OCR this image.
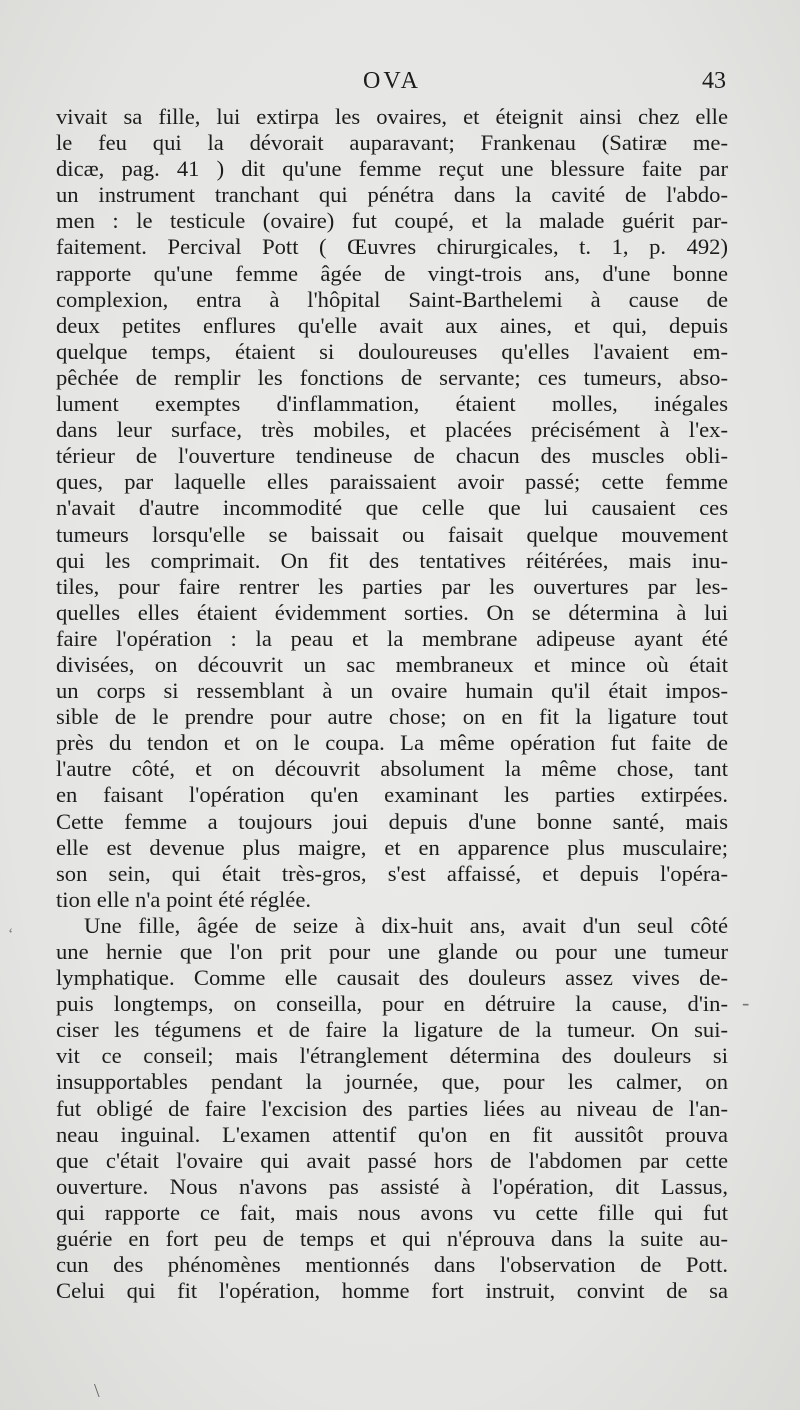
OVA	43
vivait sa fille, lui extirpa les ovaires, et éteignit ainsi chez elle
le feu qui la dévorait auparavant; Frankenau (Satiræ me-
dicæ, pag. 41 ) dit qu'une femme reçut une blessure faite par
un instrument tranchant qui pénétra dans la cavité de l'abdo-
men : le testicule (ovaire) fut coupé, et la malade guérit par-
faitement. Percival Pott ( Œuvres chirurgicales, t. 1, p. 492)
rapporte qu'une femme âgée de vingt-trois ans, d'une bonne
complexion, entra à l'hôpital Saint-Barthelemi à cause de
deux petites enflures qu'elle avait aux aines, et qui, depuis
quelque temps, étaient si douloureuses qu'elles l'avaient em-
pêchée de remplir les fonctions de servante; ces tumeurs, abso-
lument exemptes d'inflammation, étaient molles, inégales
dans leur surface, très mobiles, et placées précisément à l'ex-
térieur de l'ouverture tendineuse de chacun des muscles obli-
ques, par laquelle elles paraissaient avoir passé; cette femme
n'avait d'autre incommodité que celle que lui causaient ces
tumeurs lorsqu'elle se baissait ou faisait quelque mouvement
qui les comprimait. On fit des tentatives réitérées, mais inu-
tiles, pour faire rentrer les parties par les ouvertures par les-
quelles elles étaient évidemment sorties. On se détermina à lui
faire l'opération : la peau et la membrane adipeuse ayant été
divisées, on découvrit un sac membraneux et mince où était
un corps si ressemblant à un ovaire humain qu'il était impos-
sible de le prendre pour autre chose; on en fit la ligature tout
près du tendon et on le coupa. La même opération fut faite de
l'autre côté, et on découvrit absolument la même chose, tant
en faisant l'opération qu'en examinant les parties extirpées.
Cette femme a toujours joui depuis d'une bonne santé, mais
elle est devenue plus maigre, et en apparence plus musculaire;
son sein, qui était très-gros, s'est affaissé, et depuis l'opéra-
tion elle n'a point été réglée.
Une fille, âgée de seize à dix-huit ans, avait d'un seul côté
une hernie que l'on prit pour une glande ou pour une tumeur
lymphatique. Comme elle causait des douleurs assez vives de-
puis longtemps, on conseilla, pour en détruire la cause, d'in-
ciser les tégumens et de faire la ligature de la tumeur. On sui-
vit ce conseil; mais l'étranglement détermina des douleurs si
insupportables pendant la journée, que, pour les calmer, on
fut obligé de faire l'excision des parties liées au niveau de l'an-
neau inguinal. L'examen attentif qu'on en fit aussitôt prouva
que c'était l'ovaire qui avait passé hors de l'abdomen par cette
ouverture. Nous n'avons pas assisté à l'opération, dit Lassus,
qui rapporte ce fait, mais nous avons vu cette fille qui fut
guérie en fort peu de temps et qui n'éprouva dans la suite au-
cun des phénomènes mentionnés dans l'observation de Pott.
Celui qui fit l'opération, homme fort instruit, convint de sa
‘
-
\
